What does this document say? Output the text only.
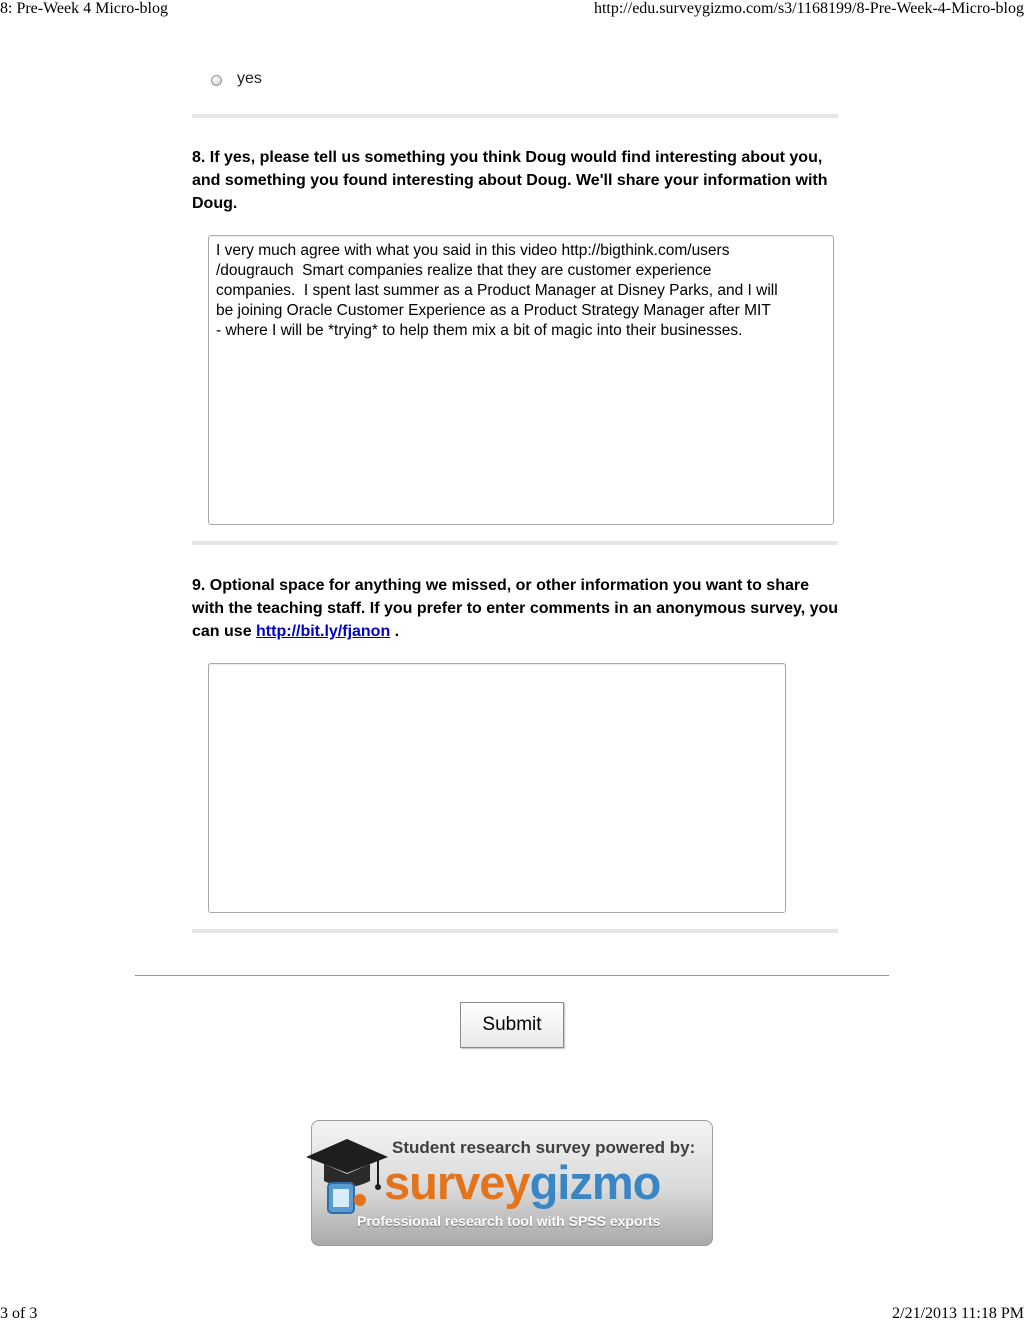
8: Pre-Week 4 Micro-blog	http://edu.surveygizmo.com/s3/1168199/8-Pre-Week-4-Micro-blog
yes
8. If yes, please tell us something you think Doug would find interesting about you, and something you found interesting about Doug. We'll share your information with Doug.
I very much agree with what you said in this video http://bigthink.com/users
/dougrauch  Smart companies realize that they are customer experience
companies.  I spent last summer as a Product Manager at Disney Parks, and I will
be joining Oracle Customer Experience as a Product Strategy Manager after MIT
- where I will be *trying* to help them mix a bit of magic into their businesses.
9. Optional space for anything we missed, or other information you want to share with the teaching staff. If you prefer to enter comments in an anonymous survey, you can use http://bit.ly/fjanon .
Submit
Student research survey powered by:
surveygizmo
Professional research tool with SPSS exports
3 of 3	2/21/2013 11:18 PM
